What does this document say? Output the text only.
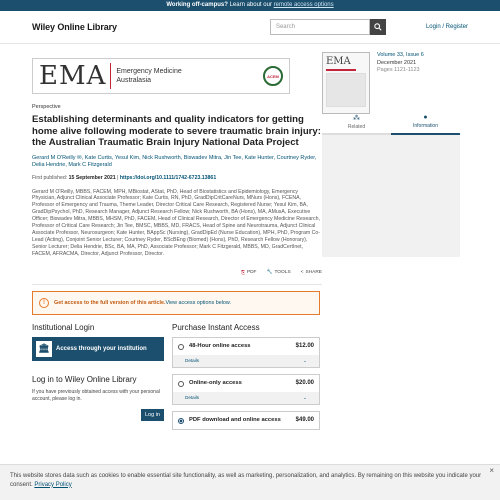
Working off-campus? Learn about our remote access options
Wiley Online Library	Search	Login / Register
EMA Emergency Medicine
Australasia
ACEM
Perspective
Establishing determinants and quality indicators for getting home alive following moderate to severe traumatic brain injury: the Australian Traumatic Brain Injury National Data Project
Gerard M O'Reilly ✉, Kate Curtis, Yesul Kim, Nick Rushworth, Biswadev Mitra, Jin Tee, Kate Hunter, Courtney Ryder, Delia Hendrie, Mark C Fitzgerald
First published: 15 September 2021 | https://doi.org/10.1111/1742-6723.13861
Gerard M O'Reilly, MBBS, FACEM, MPH, MBiostat, AStat, PhD, Head of Biostatistics and Epidemiology, Emergency Physician, Adjunct Clinical Associate Professor; Kate Curtis, RN, PhD, GradDipCritCareNurs, MNurs (Hons), FCENA, Professor of Emergency and Trauma, Theme Leader, Director Critical Care Research, Registered Nurse; Yesul Kim, BA, GradDipPsychol, PhD, Research Manager, Adjunct Research Fellow; Nick Rushworth, BA (Hons), MA, AMusA, Executive Officer; Biswadev Mitra, MBBS, MHSM, PhD, FACEM, Head of Clinical Research, Director of Emergency Medicine Research, Professor of Critical Care Research; Jin Tee, BMSC, MBBS, MD, FRACS, Head of Spine and Neurotrauma, Adjunct Clinical Associate Professor, Neurosurgeon; Kate Hunter, BAppSc (Nursing), GradDipEd (Nurse Education), MPH, PhD, Program Co-Lead (Acting), Conjoint Senior Lecturer; Courtney Ryder, BScBEng (Biomed) (Hons), PhD, Research Fellow (Honorary), Senior Lecturer; Delia Hendrie, BSc, BA, MA, PhD, Associate Professor; Mark C Fitzgerald, MBBS, MD, GradCertInet, FACEM, AFRACMA, Director, Adjunct Professor, Director.
⎘ PDF 🔧 TOOLS < SHARE
!	Get access to the full version of this article. View access options below.
Institutional Login
🏛	Access through your institution
Log in to Wiley Online Library
If you have previously obtained access with your personal account, please log in.
Log in
Purchase Instant Access
48-Hour online access	$12.00
Details	⌄
Online-only access	$20.00
Details	⌄
PDF download and online access	$49.00
EMA
Volume 33, Issue 6
December 2021
Pages 1121-1123
⁂
Related
●
Information
This website stores data such as cookies to enable essential site functionality, as well as marketing, personalization, and analytics. By remaining on this website you indicate your consent. Privacy Policy
×
